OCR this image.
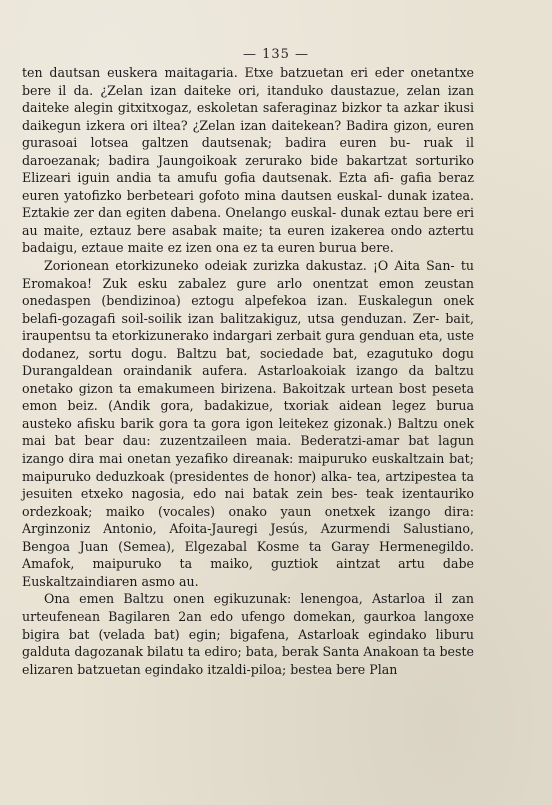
— 135 —

ten dautsan euskera maitagaria. Etxe batzuetan eri eder onetantxe bere il da. ¿Zelan izan daiteke ori, itanduko daustazue, zelan izan daiteke alegin gitxitxogaz, eskoletan saferaginaz bizkor ta azkar ikusi daikegun izkera ori iltea? ¿Zelan izan daitekean? Badira gizon, euren gurasoai lotsea galtzen dautsenak; badira euren bu- ruak il daroezanak; badira Jaungoikoak zerurako bide bakartzat sorturiko Elizeari iguin andia ta amufu gofia dautsenak. Ezta afi- gafia beraz euren yatofizko berbeteari gofoto mina dautsen euskal- dunak izatea. Eztakie zer dan egiten dabena. Onelango euskal- dunak eztau bere eri au maite, eztauz bere asabak maite; ta euren izakerea ondo aztertu badaigu, eztaue maite ez izen ona ez ta euren burua bere.

Zorionean etorkizuneko odeiak zurizka dakustaz. ¡O Aita San- tu Eromakoa! Zuk esku zabalez gure arlo onentzat emon zeustan onedaspen (bendizinoa) eztogu alpefekoa izan. Euskalegun onek belafi-gozagafi soil-soilik izan balitzakiguz, utsa genduzan. Zer- bait, iraupentsu ta etorkizunerako indargari zerbait gura genduan eta, uste dodanez, sortu dogu. Baltzu bat, sociedade bat, ezagutuko dogu Durangaldean oraindanik aufera. Astarloakoiak izango da baltzu onetako gizon ta emakumeen birizena. Bakoitzak urtean bost peseta emon beiz. (Andik gora, badakizue, txoriak aidean legez burua austeko afisku barik gora ta gora igon leitekez gizonak.) Baltzu onek mai bat bear dau: zuzentzaileen maia. Bederatzi-amar bat lagun izango dira mai onetan yezafiko direanak: maipuruko euskaltzain bat; maipuruko deduzkoak (presidentes de honor) alka- tea, artzipestea ta jesuiten etxeko nagosia, edo nai batak zein bes- teak izentauriko ordezkoak; maiko (vocales) onako yaun onetxek izango dira: Arginzoniz Antonio, Afoita-Jauregi Jesús, Azurmendi Salustiano, Bengoa Juan (Semea), Elgezabal Kosme ta Garay Hermenegildo. Amafok, maipuruko ta maiko, guztiok aintzat artu dabe Euskaltzaindiaren asmo au.

Ona emen Baltzu onen egikuzunak: lenengoa, Astarloa il zan urteufenean Bagilaren 2an edo ufengo domekan, gaurkoa langoxe bigira bat (velada bat) egin; bigafena, Astarloak egindako liburu galduta dagozanak bilatu ta ediro; bata, berak Santa Anakoan ta beste elizaren batzuetan egindako itzaldi-piloa; bestea bere Plan
